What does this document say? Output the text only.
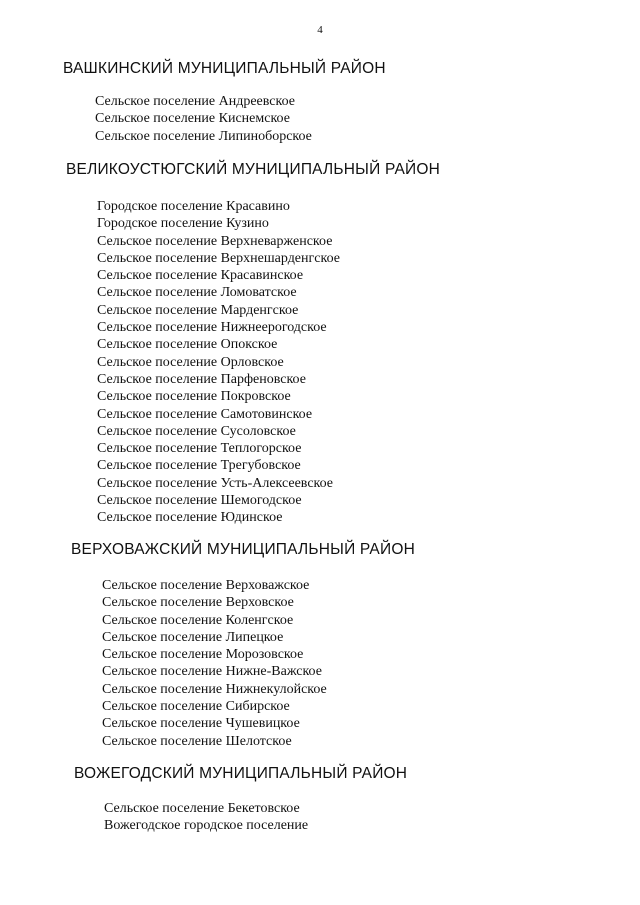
4
ВАШКИНСКИЙ МУНИЦИПАЛЬНЫЙ РАЙОН
Сельское поселение Андреевское
Сельское поселение Киснемское
Сельское поселение Липиноборское
ВЕЛИКОУСТЮГСКИЙ МУНИЦИПАЛЬНЫЙ РАЙОН
Городское поселение Красавино
Городское поселение Кузино
Сельское поселение Верхневарженское
Сельское поселение Верхнешарденгское
Сельское поселение Красавинское
Сельское поселение Ломоватское
Сельское поселение Марденгское
Сельское поселение Нижнеерогодское
Сельское поселение Опокское
Сельское поселение Орловское
Сельское поселение Парфеновское
Сельское поселение Покровское
Сельское поселение Самотовинское
Сельское поселение Сусоловское
Сельское поселение Теплогорское
Сельское поселение Трегубовское
Сельское поселение Усть-Алексеевское
Сельское поселение Шемогодское
Сельское поселение Юдинское
ВЕРХОВАЖСКИЙ МУНИЦИПАЛЬНЫЙ РАЙОН
Сельское поселение Верховажское
Сельское поселение Верховское
Сельское поселение Коленгское
Сельское поселение Липецкое
Сельское поселение Морозовское
Сельское поселение Нижне-Важское
Сельское поселение Нижнекулойское
Сельское поселение Сибирское
Сельское поселение Чушевицкое
Сельское поселение Шелотское
ВОЖЕГОДСКИЙ МУНИЦИПАЛЬНЫЙ РАЙОН
Сельское поселение Бекетовское
Вожегодское городское поселение
